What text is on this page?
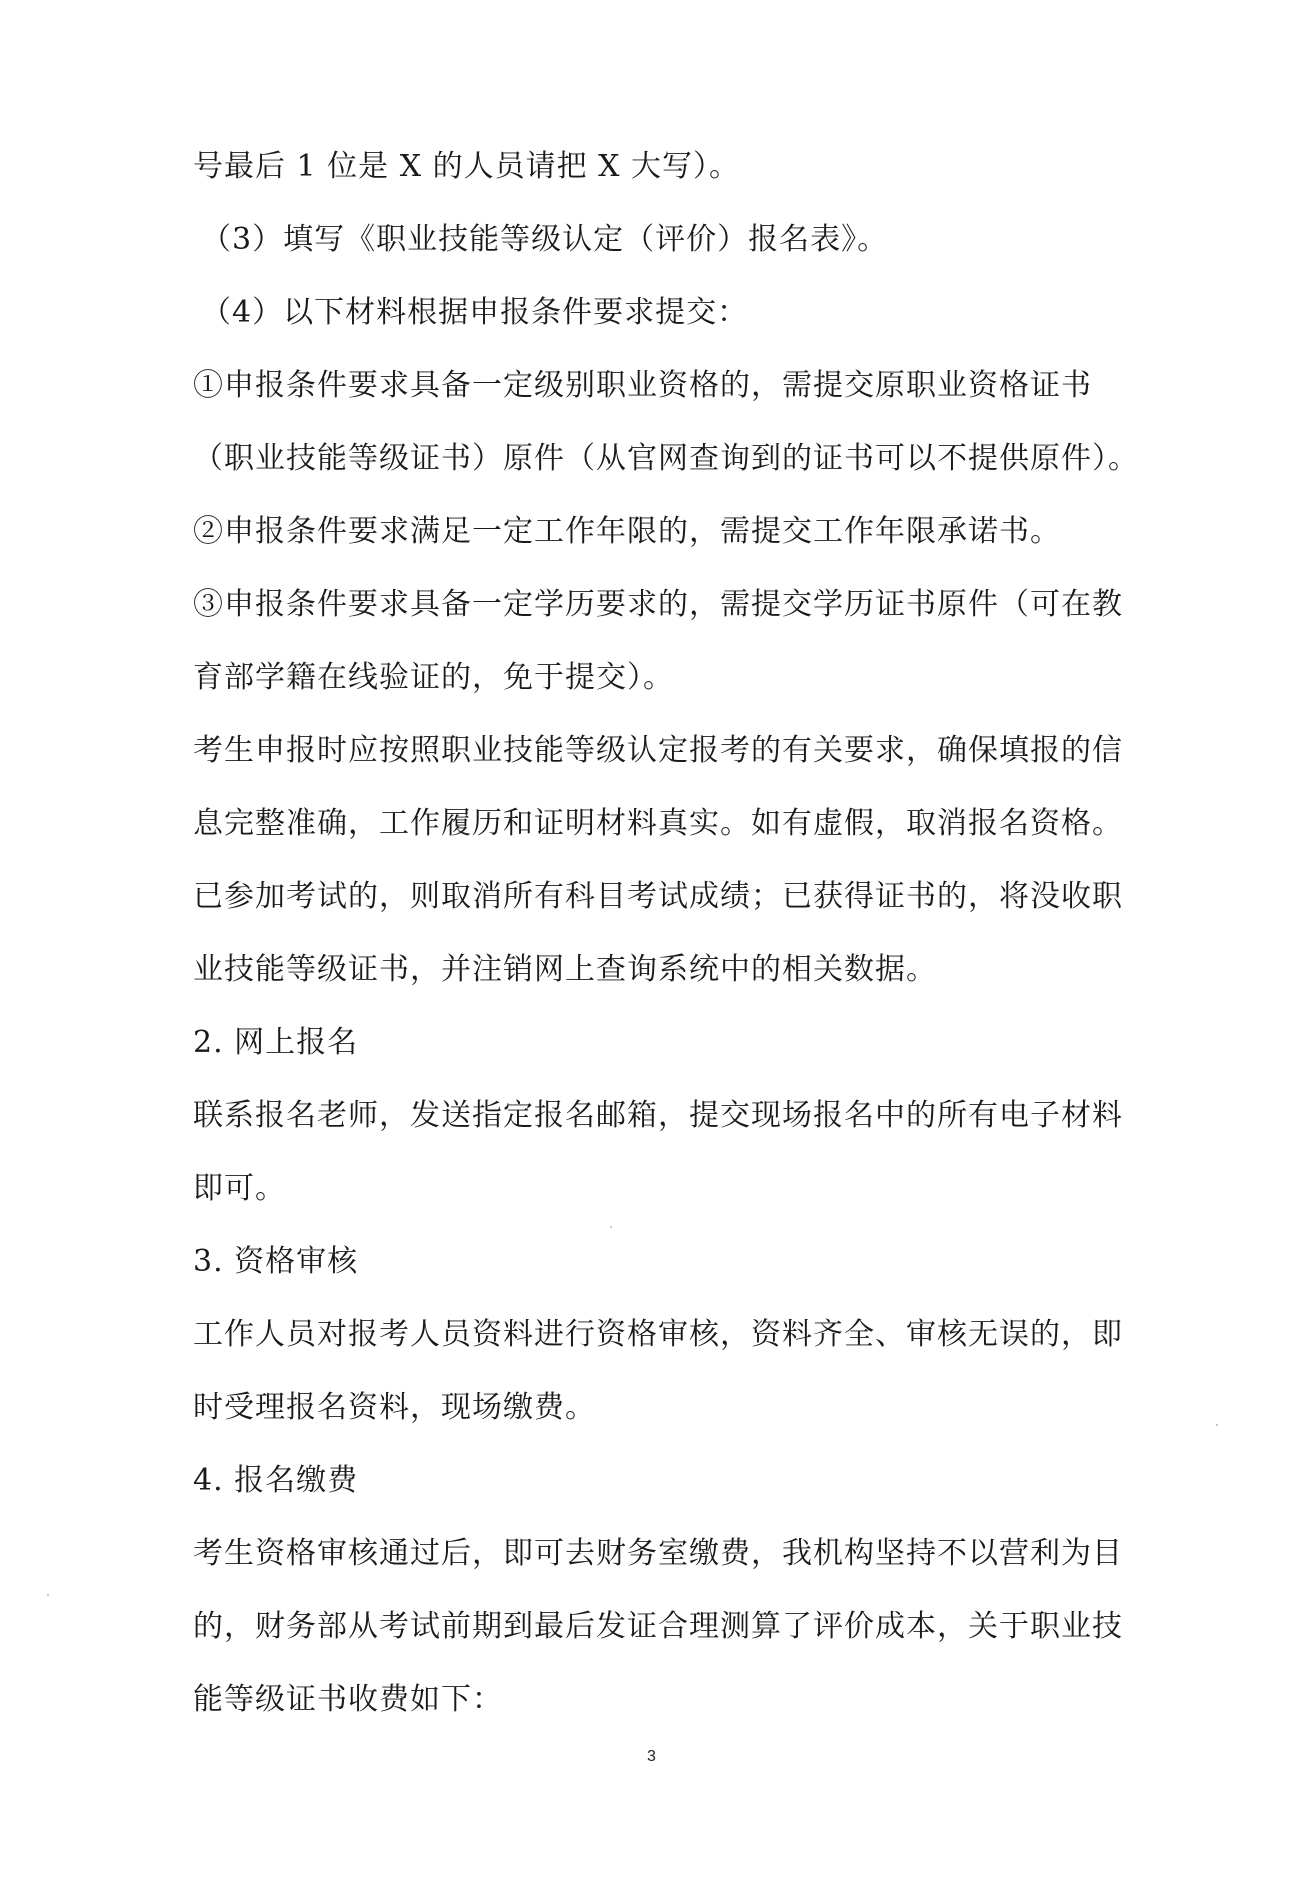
号最后 1 位是 X 的人员请把 X 大写）。
（3）填写《职业技能等级认定（评价）报名表》。
（4）以下材料根据申报条件要求提交：
①申报条件要求具备一定级别职业资格的，需提交原职业资格证书
（职业技能等级证书）原件（从官网查询到的证书可以不提供原件）。
②申报条件要求满足一定工作年限的，需提交工作年限承诺书。
③申报条件要求具备一定学历要求的，需提交学历证书原件（可在教
育部学籍在线验证的，免于提交）。
考生申报时应按照职业技能等级认定报考的有关要求，确保填报的信
息完整准确，工作履历和证明材料真实。如有虚假，取消报名资格。
已参加考试的，则取消所有科目考试成绩；已获得证书的，将没收职
业技能等级证书，并注销网上查询系统中的相关数据。
2. 网上报名
联系报名老师，发送指定报名邮箱，提交现场报名中的所有电子材料
即可。
3. 资格审核
工作人员对报考人员资料进行资格审核，资料齐全、审核无误的，即
时受理报名资料，现场缴费。
4. 报名缴费
考生资格审核通过后，即可去财务室缴费，我机构坚持不以营利为目
的，财务部从考试前期到最后发证合理测算了评价成本，关于职业技
能等级证书收费如下：
3
